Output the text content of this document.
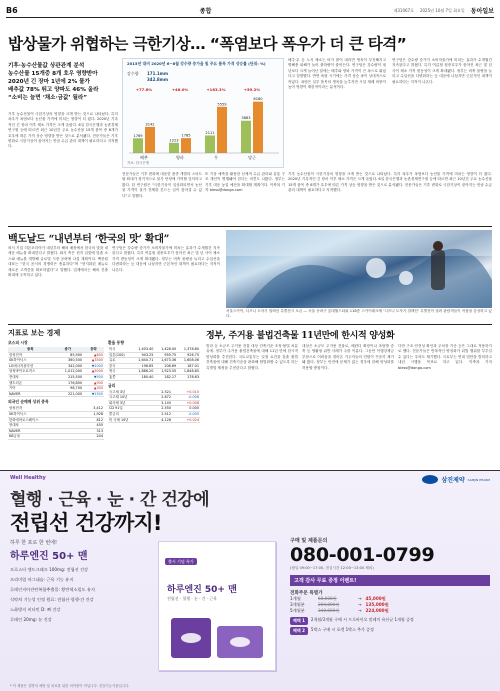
B6	종합	제31067호 2025년 10월 7일 화요일 동아일보
밥상물가 위협하는 극한기상… “폭염보다 폭우가 더 큰 타격”
기후·농수산물값 상관관계 분석
농수산물 15개중 8개 호우 영향받아
2020년 긴 장마 1년에 2% 물가
배추값 78% 뛰고 양파도 46% 올라
“소비는 늘면 ‘채소·금값’ 될라”
기후 농수산물이 극한기상의 영향을 크게 받는 것으로 나타났다. 특히 폭우가 폭염보다 농산물 가격에 미치는 영향이 더 컸다. 2020년 기록적인 긴 장마 이후 채소 가격은 크게 올랐다. 6일 한국은행과 농촌경제연구원 등에 따르면 최근 10년간 주요 농수산물 15개 품목 중 8개가 호우에 따른 가격 상승 영향을 받은 것으로 분석됐다. 전문가들은 기후 변화로 극한기상이 잦아지는 만큼 수급 관리 대책이 필요하다고 지적했다.
2015년 대비 2020년 6~8월 강수량 증가율 및 주요 품목 가격 상승률 (단위: %)
강수량 171.1mm
342.8mm
1769
3142
배추
+77.6%
1223
1785
양파
+46.0%
2111
5559
무
+163.3%
3883
6180
당근
+59.2%
자료: 한국은행
배추·무 등 노지 채소는 비가 많이 내리면 생육이 부진해지고 병해충 피해가 늘어 출하량이 줄어든다. 연구팀은 강수량이 평년보다 크게 늘어난 달에는 배추와 양파 가격이 큰 폭으로 뛰었다고 설명했다. 반면 폭염 시기에는 가격 상승 폭이 상대적으로 작았다. 폭염은 일부 품목의 생육을 늦추지만 시설 재배 비중이 높아 영향이 제한적이라는 분석이다.
연구팀은 강수량 증가가 소비자물가에 미치는 효과가 수개월간 지속된다고 밝혔다. 특히 여름철 집중호우가 잦아진 최근 몇 년 사이 채소 가격 변동성이 크게 확대됐다. 정부는 비축 물량을 늘리고 수입선을 다변화하는 등 대응에 나섰지만 근본적인 대책이 필요하다는 지적이 나온다.
전문가들은 기후 변화에 대응한 품종 개발과 스마트팜 확대가 장기적으로 물가 안정에 기여할 것이라고 봤다. 한 연구원은 “극한기상이 일상화되면서 농산물 가격이 물가 전체를 흔드는 일이 잦아질 수 있다”고 말했다.
또 기상 예측을 활용한 선제적 수급 관리와 유통 구조 개선이 병행돼야 한다는 의견도 나왔다. 정부는 기후 대응 농업 예산을 확대할 계획이다. 이축복 기자 bless@donga.com
기후 농수산물이 극한기상의 영향을 크게 받는 것으로 나타났다. 특히 폭우가 폭염보다 농산물 가격에 미치는 영향이 더 컸다. 2020년 기록적인 긴 장마 이후 채소 가격은 크게 올랐다. 6일 한국은행과 농촌경제연구원 등에 따르면 최근 10년간 주요 농수산물 15개 품목 중 8개가 호우에 따른 가격 상승 영향을 받은 것으로 분석됐다. 전문가들은 기후 변화로 극한기상이 잦아지는 만큼 수급 관리 대책이 필요하다고 지적했다.
백도날드 “내년부터 ‘한국의 맛’ 확대”
외식 기업 더본코리아가 내년부터 해외 매장에서 한국의 맛을 내세운 메뉴를 확대한다고 밝혔다. 회사 측은 현지 입맛에 맞춘 소스와 메뉴를 개발해 글로벌 시장 공략에 나설 계획이다. 백종원 대표는 “한국 음식의 경쟁력은 충분하다”며 “현지화된 메뉴로 새로운 고객층을 확보하겠다”고 말했다. 업계에서는 해외 진출 확대에 주목하고 있다.
연구팀은 강수량 증가가 소비자물가에 미치는 효과가 수개월간 지속된다고 밝혔다. 특히 여름철 집중호우가 잦아진 최근 몇 년 사이 채소 가격 변동성이 크게 확대됐다. 정부는 비축 물량을 늘리고 수입선을 다변화하는 등 대응에 나섰지만 근본적인 대책이 필요하다는 지적이 나온다.
서울스카이, 디즈니 도자기 컬렉션 특별전시 오픈 — 서울 송파구 롯데월드타워 118층 스카이데크에 ‘디즈니 도자기 컬렉션’ 특별전이 열려 관람객들이 작품을 감상하고 있다.
지표로 보는 경제
코스피 시장
종목	종가	등락
삼성전자	85,900	▲800
SK하이닉스	360,500	▲3500
LG에너지솔루션	342,000	▼1000
삼성바이오로직스	1,012,000	▲5000
현대차	215,500	▼500
셀트리온	176,800	▲900
기아	98,700	▲300
NAVER	221,000	▼1500
외국인 순매매 상위 종목
삼성전자	3,412
SK하이닉스	1,928
한화에어로스페이스	812
현대차	455
NAVER	313
KB금융	244
환율 동향
미국	1,403.40	1,428.00	1,378.80
일본(100)	943.25	959.75	926.75
유로	1,640.71	1,673.36	1,608.06
중국	196.85	206.69	187.01
영국	1,886.20	1,923.55	1,848.85
홍콩	180.40	182.17	178.63
금리
국고채 3년	2.521	+0.010
국고채 10년	2.872	-0.006
회사채 3년	3.145	+0.008
CD 91일	2.550	0.000
콜금리	2.512	-0.005
미 국채 10년	4.128	+0.024
정부, 주거용 불법건축물 11년만에 한시적 양성화
빌라 등 소규모 주거용 건물 대상 건축기준 조정·불법 처분 유예. 정부가 주거용 불법건축물에 대해 11년 만에 한시적 양성화를 추진한다. 국토교통부는 일정 요건을 갖춘 불법 건축물에 대해 건축기준을 완화해 합법화할 수 있도록 하는 특별법 제정을 추진한다고 밝혔다.
대상은 소규모 주거용 건물로, 베란다 확장이나 옥탑방 증축 등 생활형 위반 사례가 주를 이룬다. 그동안 이행강제금 부담으로 어려움을 겪어온 거주자들의 민원이 꾸준히 제기돼 왔다. 정부는 안전에 문제가 없는 경우에 한해 양성화를 허용할 방침이다.
다만 구조 안전성 확인과 주차장 기준 등은 그대로 적용하기로 했다. 전문가들은 반복적인 양성화가 위법 행위를 부추길 수 있다는 우려도 제기했다. 국토부는 연내 법안을 발의하고 내년 시행을 목표로 하고 있다. 이축복 기자 bless@donga.com
Well Healthy	삼진제약 SAMJIN PHARM
혈행 · 근육 · 눈 · 간 건강에
전립선 건강까지!
하루 한 포로 한 번에!
하루엔진 50+ 맨
프로스타 앤드크래프 100mg: 전립선 건강
프리미엄 마그네슘: 근육 기능 유지
루테인지아잔틴복합추출물: 황반색소밀도 유지
식약처 기능성 인정 원료: 전립선·혈행·간 건강
노화방지 비타민 D: 뼈 건강
루테인 20mg: 눈 건강
출시 기념 특가
하루엔진 50+ 맨
전립선 · 혈행 · 눈 · 간 · 근육
구매 및 제품문의
080-001-0799
(평일 09:00~17:00, 점심시간 12:00~13:00 제외)
고객 감사 무료 증정 이벤트!
전화주문 특별가
1개월	68,000원	→ 45,000원
3개월분	204,000원	→ 135,000원
5개월분	340,000원	→ 224,000원
혜택 1	2개월/3개월 구매 시 프로바이오 말레이 유산균 1개월 증정
혜택 2	5박스 구매 시 포켓 1박스 추가 증정
* 이 제품은 질병의 예방 및 치료를 위한 의약품이 아닙니다. 건강기능식품입니다.
